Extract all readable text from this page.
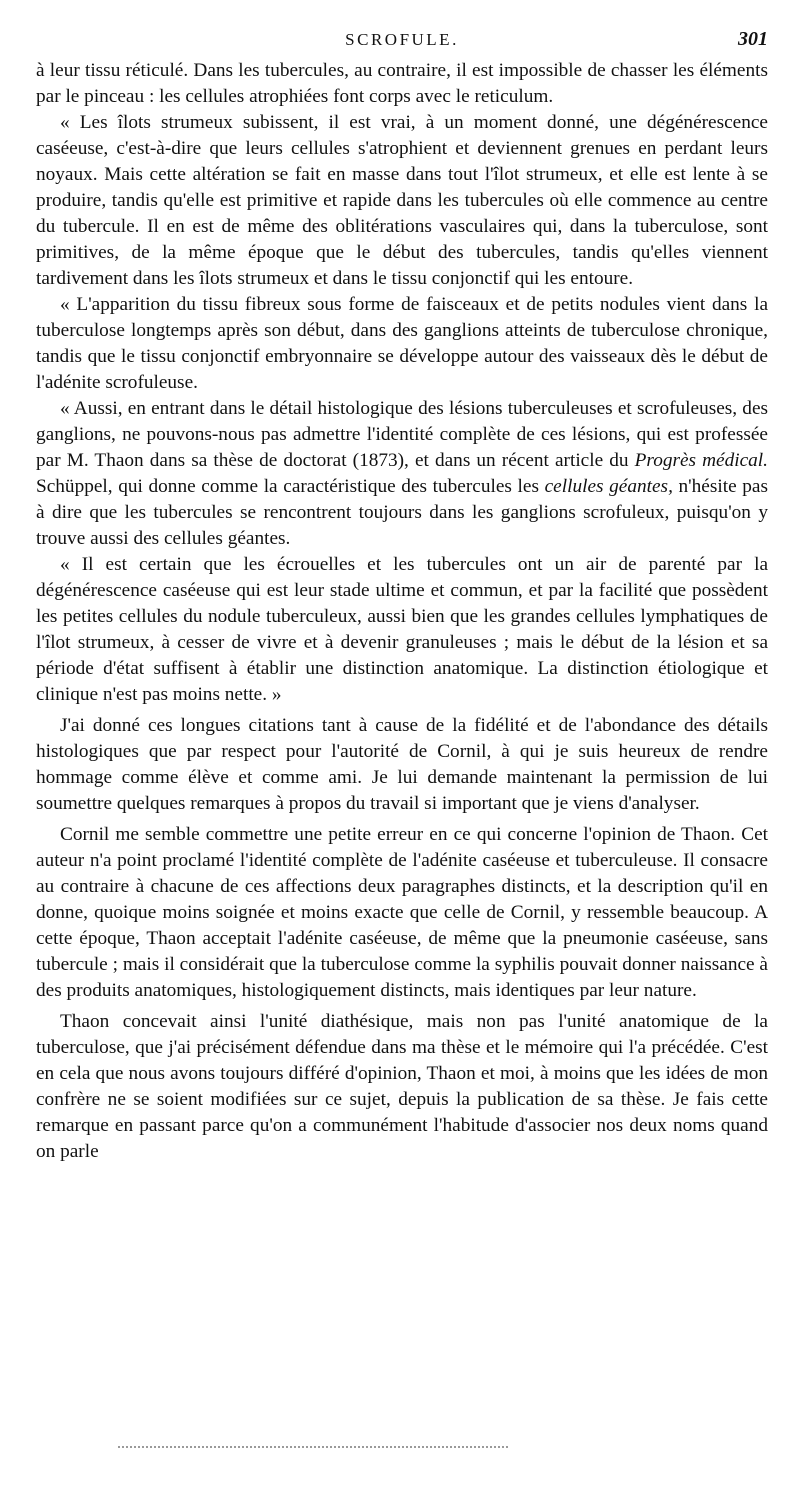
SCROFULE.	301

à leur tissu réticulé. Dans les tubercules, au contraire, il est impossible de chasser les éléments par le pinceau : les cellules atrophiées font corps avec le reticulum.

« Les îlots strumeux subissent, il est vrai, à un moment donné, une dégénérescence caséeuse, c'est-à-dire que leurs cellules s'atrophient et deviennent grenues en perdant leurs noyaux. Mais cette altération se fait en masse dans tout l'îlot strumeux, et elle est lente à se produire, tandis qu'elle est primitive et rapide dans les tubercules où elle commence au centre du tubercule. Il en est de même des oblitérations vasculaires qui, dans la tuberculose, sont primitives, de la même époque que le début des tubercules, tandis qu'elles viennent tardivement dans les îlots strumeux et dans le tissu conjonctif qui les entoure.

« L'apparition du tissu fibreux sous forme de faisceaux et de petits nodules vient dans la tuberculose longtemps après son début, dans des ganglions atteints de tuberculose chronique, tandis que le tissu conjonctif embryonnaire se développe autour des vaisseaux dès le début de l'adénite scrofuleuse.

« Aussi, en entrant dans le détail histologique des lésions tuberculeuses et scrofuleuses, des ganglions, ne pouvons-nous pas admettre l'identité complète de ces lésions, qui est professée par M. Thaon dans sa thèse de doctorat (1873), et dans un récent article du Progrès médical. Schüppel, qui donne comme la caractéristique des tubercules les cellules géantes, n'hésite pas à dire que les tubercules se rencontrent toujours dans les ganglions scrofuleux, puisqu'on y trouve aussi des cellules géantes.

« Il est certain que les écrouelles et les tubercules ont un air de parenté par la dégénérescence caséeuse qui est leur stade ultime et commun, et par la facilité que possèdent les petites cellules du nodule tuberculeux, aussi bien que les grandes cellules lymphatiques de l'îlot strumeux, à cesser de vivre et à devenir granuleuses ; mais le début de la lésion et sa période d'état suffisent à établir une distinction anatomique. La distinction étiologique et clinique n'est pas moins nette. »

J'ai donné ces longues citations tant à cause de la fidélité et de l'abondance des détails histologiques que par respect pour l'autorité de Cornil, à qui je suis heureux de rendre hommage comme élève et comme ami. Je lui demande maintenant la permission de lui soumettre quelques remarques à propos du travail si important que je viens d'analyser.

Cornil me semble commettre une petite erreur en ce qui concerne l'opinion de Thaon. Cet auteur n'a point proclamé l'identité complète de l'adénite caséeuse et tuberculeuse. Il consacre au contraire à chacune de ces affections deux paragraphes distincts, et la description qu'il en donne, quoique moins soignée et moins exacte que celle de Cornil, y ressemble beaucoup. A cette époque, Thaon acceptait l'adénite caséeuse, de même que la pneumonie caséeuse, sans tubercule ; mais il considérait que la tuberculose comme la syphilis pouvait donner naissance à des produits anatomiques, histologiquement distincts, mais identiques par leur nature.

Thaon concevait ainsi l'unité diathésique, mais non pas l'unité anatomique de la tuberculose, que j'ai précisément défendue dans ma thèse et le mémoire qui l'a précédée. C'est en cela que nous avons toujours différé d'opinion, Thaon et moi, à moins que les idées de mon confrère ne se soient modifiées sur ce sujet, depuis la publication de sa thèse. Je fais cette remarque en passant parce qu'on a communément l'habitude d'associer nos deux noms quand on parle
